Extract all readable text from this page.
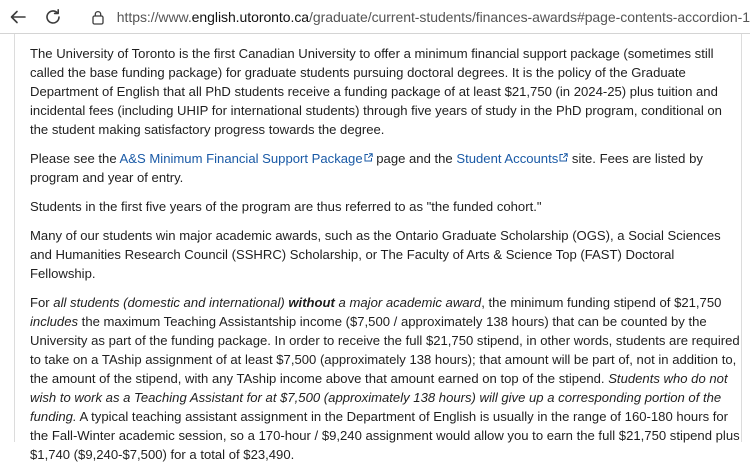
https://www.english.utoronto.ca/graduate/current-students/finances-awards#page-contents-accordion-1

The University of Toronto is the first Canadian University to offer a minimum financial support package (sometimes still called the base funding package) for graduate students pursuing doctoral degrees. It is the policy of the Graduate Department of English that all PhD students receive a funding package of at least $21,750 (in 2024-25) plus tuition and incidental fees (including UHIP for international students) through five years of study in the PhD program, conditional on the student making satisfactory progress towards the degree.

Please see the A&S Minimum Financial Support Package page and the Student Accounts site. Fees are listed by program and year of entry.

Students in the first five years of the program are thus referred to as "the funded cohort."

Many of our students win major academic awards, such as the Ontario Graduate Scholarship (OGS), a Social Sciences and Humanities Research Council (SSHRC) Scholarship, or The Faculty of Arts & Science Top (FAST) Doctoral Fellowship.

For all students (domestic and international) without a major academic award, the minimum funding stipend of $21,750 includes the maximum Teaching Assistantship income ($7,500 / approximately 138 hours) that can be counted by the University as part of the funding package. In order to receive the full $21,750 stipend, in other words, students are required to take on a TAship assignment of at least $7,500 (approximately 138 hours); that amount will be part of, not in addition to, the amount of the stipend, with any TAship income above that amount earned on top of the stipend. Students who do not wish to work as a Teaching Assistant for at $7,500 (approximately 138 hours) will give up a corresponding portion of the funding. A typical teaching assistant assignment in the Department of English is usually in the range of 160-180 hours for the Fall-Winter academic session, so a 170-hour / $9,240 assignment would allow you to earn the full $21,750 stipend plus $1,740 ($9,240-$7,500) for a total of $23,490.
